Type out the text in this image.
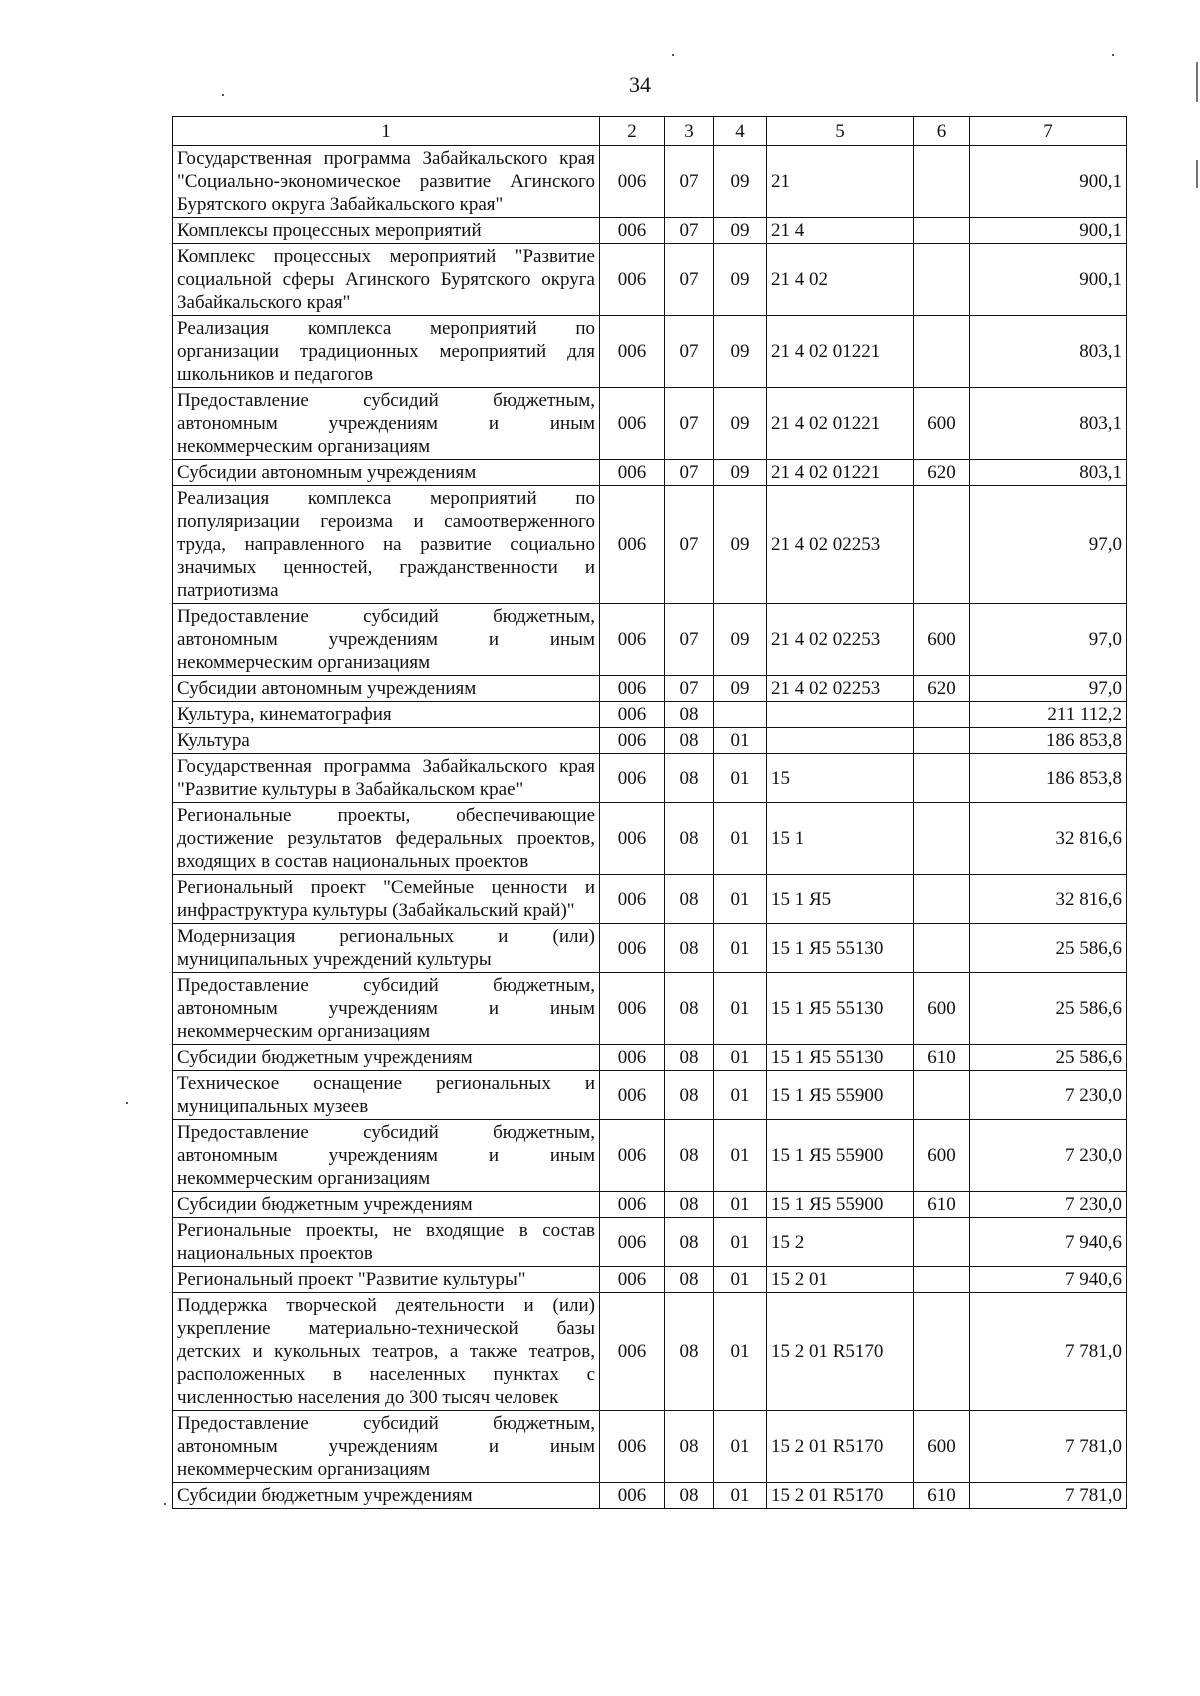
34
1	2	3	4	5	6	7
Государственная программа Забайкальского края "Социально-экономическое развитие Агинского Бурятского округа Забайкальского края"	006	07	09	21		900,1
Комплексы процессных мероприятий	006	07	09	21 4		900,1
Комплекс процессных мероприятий "Развитие социальной сферы Агинского Бурятского округа Забайкальского края"	006	07	09	21 4 02		900,1
Реализация комплекса мероприятий по организации традиционных мероприятий для школьников и педагогов	006	07	09	21 4 02 01221		803,1
Предоставление субсидий бюджетным, автономным учреждениям и иным некоммерческим организациям	006	07	09	21 4 02 01221	600	803,1
Субсидии автономным учреждениям	006	07	09	21 4 02 01221	620	803,1
Реализация комплекса мероприятий по популяризации героизма и самоотверженного труда, направленного на развитие социально значимых ценностей, гражданственности и патриотизма	006	07	09	21 4 02 02253		97,0
Предоставление субсидий бюджетным, автономным учреждениям и иным некоммерческим организациям	006	07	09	21 4 02 02253	600	97,0
Субсидии автономным учреждениям	006	07	09	21 4 02 02253	620	97,0
Культура, кинематография	006	08				211 112,2
Культура	006	08	01			186 853,8
Государственная программа Забайкальского края "Развитие культуры в Забайкальском крае"	006	08	01	15		186 853,8
Региональные проекты, обеспечивающие достижение результатов федеральных проектов, входящих в состав национальных проектов	006	08	01	15 1		32 816,6
Региональный проект "Семейные ценности и инфраструктура культуры (Забайкальский край)"	006	08	01	15 1 Я5		32 816,6
Модернизация региональных и (или) муниципальных учреждений культуры	006	08	01	15 1 Я5 55130		25 586,6
Предоставление субсидий бюджетным, автономным учреждениям и иным некоммерческим организациям	006	08	01	15 1 Я5 55130	600	25 586,6
Субсидии бюджетным учреждениям	006	08	01	15 1 Я5 55130	610	25 586,6
Техническое оснащение региональных и муниципальных музеев	006	08	01	15 1 Я5 55900		7 230,0
Предоставление субсидий бюджетным, автономным учреждениям и иным некоммерческим организациям	006	08	01	15 1 Я5 55900	600	7 230,0
Субсидии бюджетным учреждениям	006	08	01	15 1 Я5 55900	610	7 230,0
Региональные проекты, не входящие в состав национальных проектов	006	08	01	15 2		7 940,6
Региональный проект "Развитие культуры"	006	08	01	15 2 01		7 940,6
Поддержка творческой деятельности и (или) укрепление материально-технической базы детских и кукольных театров, а также театров, расположенных в населенных пунктах с численностью населения до 300 тысяч человек	006	08	01	15 2 01 R5170		7 781,0
Предоставление субсидий бюджетным, автономным учреждениям и иным некоммерческим организациям	006	08	01	15 2 01 R5170	600	7 781,0
Субсидии бюджетным учреждениям	006	08	01	15 2 01 R5170	610	7 781,0
